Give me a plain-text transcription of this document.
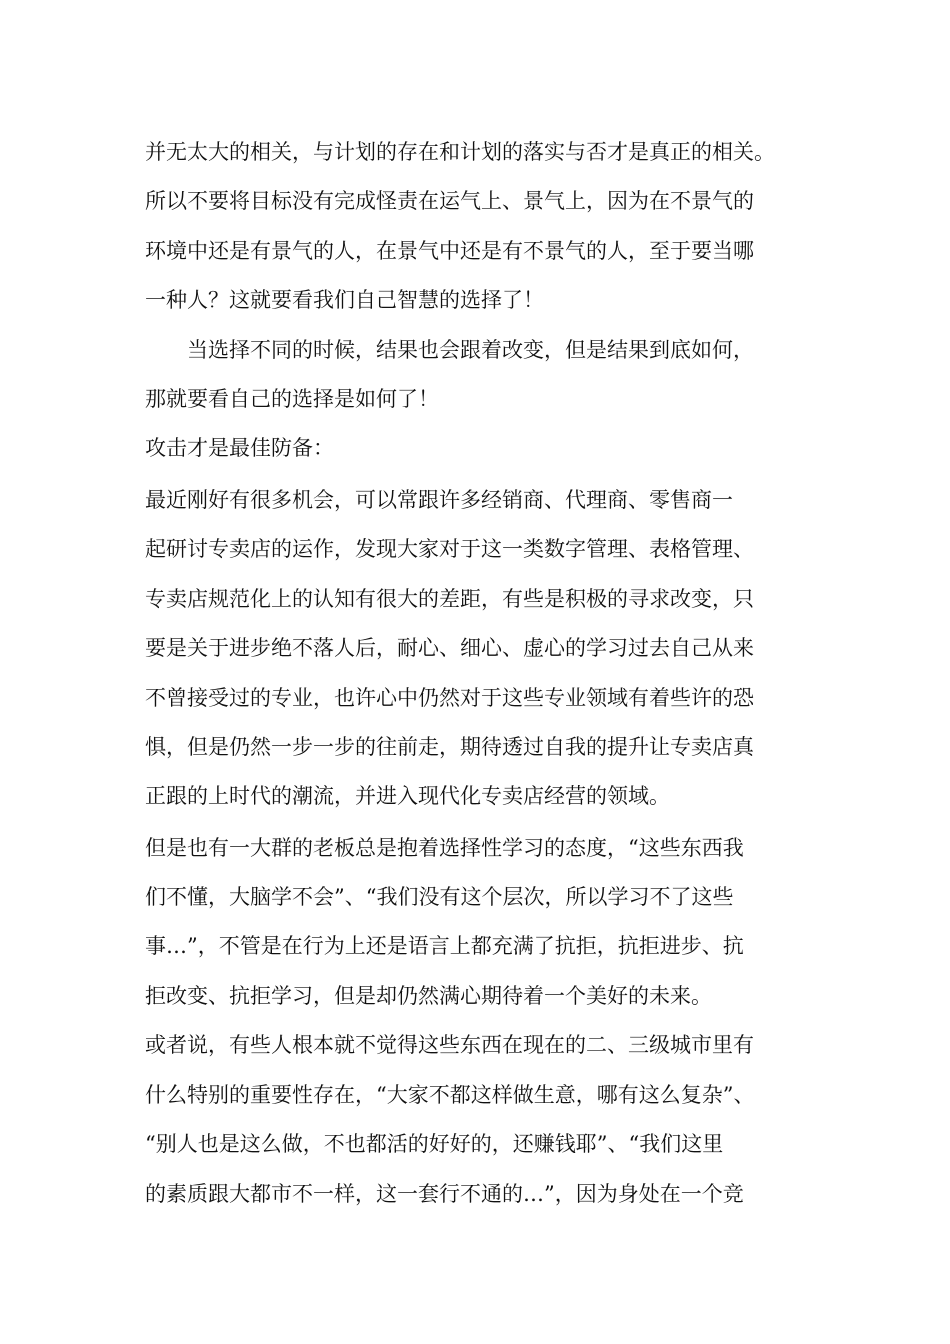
并无太大的相关，与计划的存在和计划的落实与否才是真正的相关。
所以不要将目标没有完成怪责在运气上、景气上，因为在不景气的
环境中还是有景气的人，在景气中还是有不景气的人，至于要当哪
一种人？这就要看我们自己智慧的选择了！
　　当选择不同的时候，结果也会跟着改变，但是结果到底如何，
那就要看自己的选择是如何了！
攻击才是最佳防备：
最近刚好有很多机会，可以常跟许多经销商、代理商、零售商一
起研讨专卖店的运作，发现大家对于这一类数字管理、表格管理、
专卖店规范化上的认知有很大的差距，有些是积极的寻求改变，只
要是关于进步绝不落人后，耐心、细心、虚心的学习过去自己从来
不曾接受过的专业，也许心中仍然对于这些专业领域有着些许的恐
惧，但是仍然一步一步的往前走，期待透过自我的提升让专卖店真
正跟的上时代的潮流，并进入现代化专卖店经营的领域。
但是也有一大群的老板总是抱着选择性学习的态度，“这些东西我
们不懂，大脑学不会”、“我们没有这个层次，所以学习不了这些
事…”，不管是在行为上还是语言上都充满了抗拒，抗拒进步、抗
拒改变、抗拒学习，但是却仍然满心期待着一个美好的未来。
或者说，有些人根本就不觉得这些东西在现在的二、三级城市里有
什么特别的重要性存在，“大家不都这样做生意，哪有这么复杂”、
“别人也是这么做，不也都活的好好的，还赚钱耶”、“我们这里
的素质跟大都市不一样，这一套行不通的…”，因为身处在一个竞
